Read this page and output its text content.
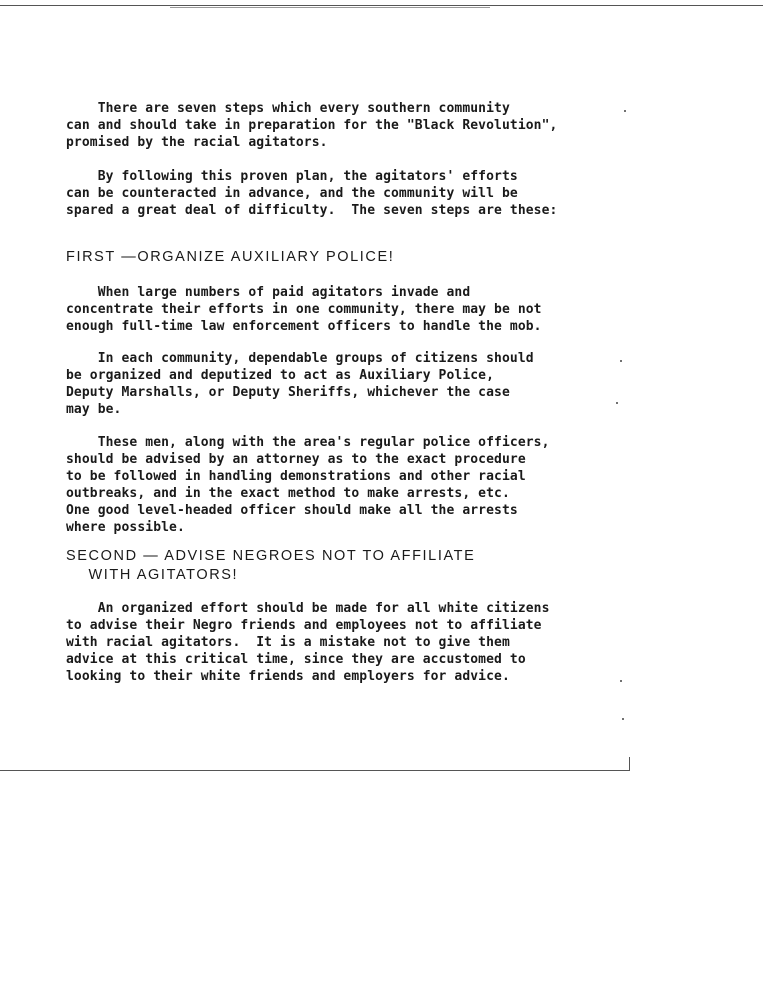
There are seven steps which every southern community
can and should take in preparation for the "Black Revolution",
promised by the racial agitators.

By following this proven plan, the agitators' efforts
can be counteracted in advance, and the community will be
spared a great deal of difficulty.  The seven steps are these:

FIRST —ORGANIZE AUXILIARY POLICE!

When large numbers of paid agitators invade and
concentrate their efforts in one community, there may be not
enough full-time law enforcement officers to handle the mob.

In each community, dependable groups of citizens should
be organized and deputized to act as Auxiliary Police,
Deputy Marshalls, or Deputy Sheriffs, whichever the case
may be.

These men, along with the area's regular police officers,
should be advised by an attorney as to the exact procedure
to be followed in handling demonstrations and other racial
outbreaks, and in the exact method to make arrests, etc.
One good level-headed officer should make all the arrests
where possible.

SECOND — ADVISE NEGROES NOT TO AFFILIATE
WITH AGITATORS!

An organized effort should be made for all white citizens
to advise their Negro friends and employees not to affiliate
with racial agitators.  It is a mistake not to give them
advice at this critical time, since they are accustomed to
looking to their white friends and employers for advice.
